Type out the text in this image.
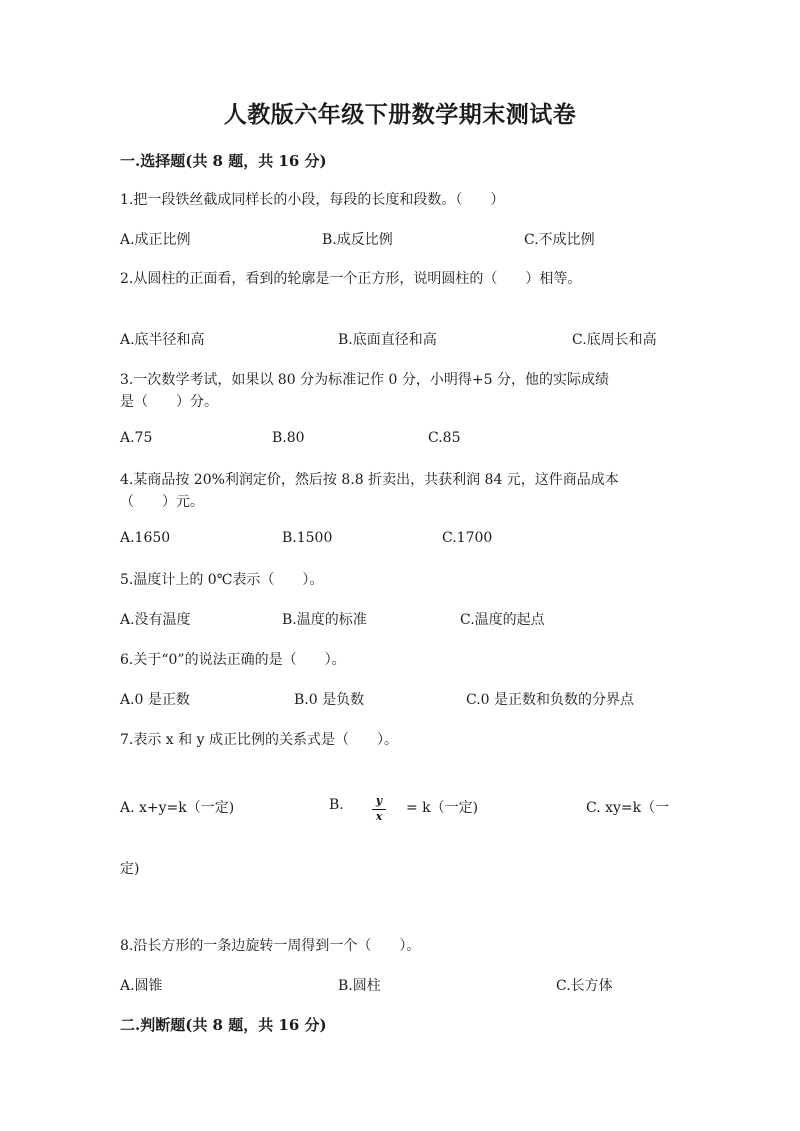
人教版六年级下册数学期末测试卷
一.选择题(共 8 题，共 16 分)
1.把一段铁丝截成同样长的小段，每段的长度和段数。（　　）
A.成正比例	B.成反比例	C.不成比例
2.从圆柱的正面看，看到的轮廓是一个正方形，说明圆柱的（　　）相等。
A.底半径和高	B.底面直径和高	C.底周长和高
3.一次数学考试，如果以 80 分为标准记作 0 分，小明得+5 分，他的实际成绩
是（　　）分。
A.75	B.80	C.85
4.某商品按 20%利润定价，然后按 8.8 折卖出，共获利润 84 元，这件商品成本
（　　）元。
A.1650	B.1500	C.1700
5.温度计上的 0℃表示（　　）。
A.没有温度	B.温度的标准	C.温度的起点
6.关于“0”的说法正确的是（　　）。
A.0 是正数	B.0 是负数	C.0 是正数和负数的分界点
7.表示 x 和 y 成正比例的关系式是（　　）。
A. x+y=k（一定)	B.	y
x
= k（一定)	C. xy=k（一
定)
8.沿长方形的一条边旋转一周得到一个（　　）。
A.圆锥	B.圆柱	C.长方体
二.判断题(共 8 题，共 16 分)
